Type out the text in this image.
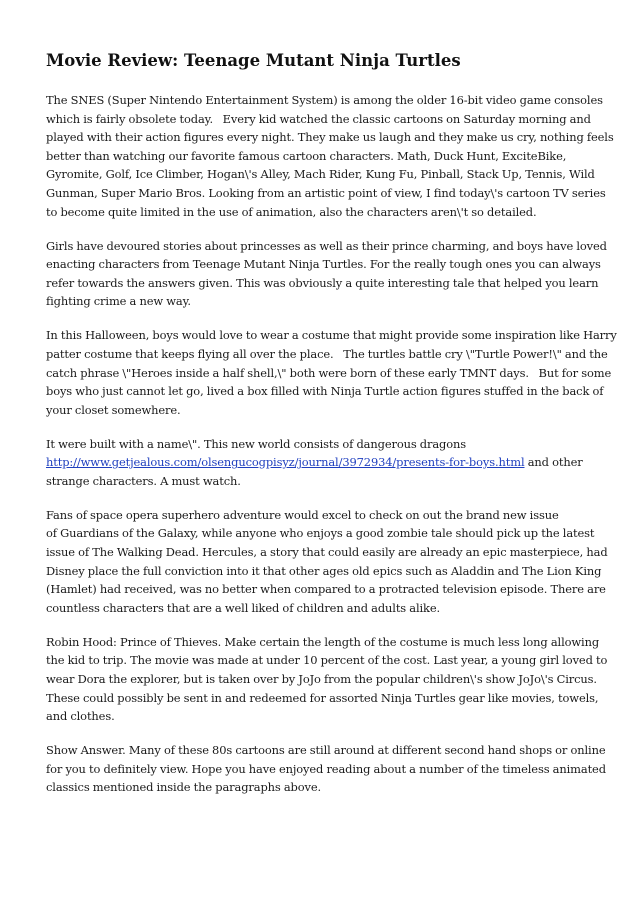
Movie Review: Teenage Mutant Ninja Turtles

The SNES (Super Nintendo Entertainment System) is among the older 16-bit video game consoles
which is fairly obsolete today.   Every kid watched the classic cartoons on Saturday morning and
played with their action figures every night. They make us laugh and they make us cry, nothing feels
better than watching our favorite famous cartoon characters. Math, Duck Hunt, ExciteBike,
Gyromite, Golf, Ice Climber, Hogan\'s Alley, Mach Rider, Kung Fu, Pinball, Stack Up, Tennis, Wild
Gunman, Super Mario Bros. Looking from an artistic point of view, I find today\'s cartoon TV series
to become quite limited in the use of animation, also the characters aren\'t so detailed.

Girls have devoured stories about princesses as well as their prince charming, and boys have loved
enacting characters from Teenage Mutant Ninja Turtles. For the really tough ones you can always
refer towards the answers given. This was obviously a quite interesting tale that helped you learn
fighting crime a new way.

In this Halloween, boys would love to wear a costume that might provide some inspiration like Harry
patter costume that keeps flying all over the place.   The turtles battle cry \"Turtle Power!\" and the
catch phrase \"Heroes inside a half shell,\" both were born of these early TMNT days.   But for some
boys who just cannot let go, lived a box filled with Ninja Turtle action figures stuffed in the back of
your closet somewhere.

It were built with a name\". This new world consists of dangerous dragons
http://www.getjealous.com/olsengucogpisyz/journal/3972934/presents-for-boys.html and other
strange characters. A must watch.

Fans of space opera superhero adventure would excel to check on out the brand new issue
of Guardians of the Galaxy, while anyone who enjoys a good zombie tale should pick up the latest
issue of The Walking Dead. Hercules, a story that could easily are already an epic masterpiece, had
Disney place the full conviction into it that other ages old epics such as Aladdin and The Lion King
(Hamlet) had received, was no better when compared to a protracted television episode. There are
countless characters that are a well liked of children and adults alike.

Robin Hood: Prince of Thieves. Make certain the length of the costume is much less long allowing
the kid to trip. The movie was made at under 10 percent of the cost. Last year, a young girl loved to
wear Dora the explorer, but is taken over by JoJo from the popular children\'s show JoJo\'s Circus.
These could possibly be sent in and redeemed for assorted Ninja Turtles gear like movies, towels,
and clothes.

Show Answer. Many of these 80s cartoons are still around at different second hand shops or online
for you to definitely view. Hope you have enjoyed reading about a number of the timeless animated
classics mentioned inside the paragraphs above.
